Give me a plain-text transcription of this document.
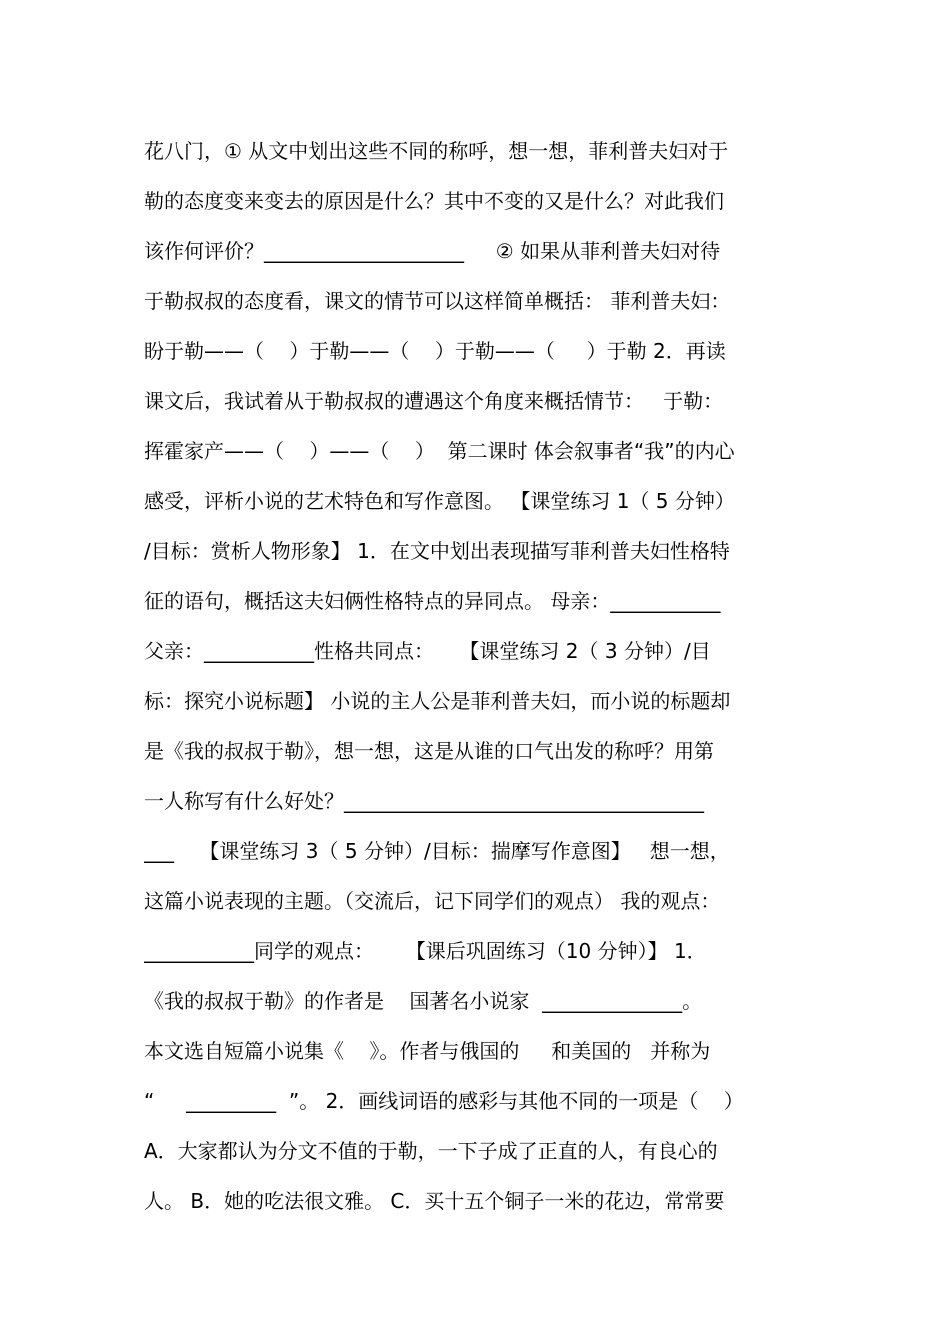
花八门，① 从文中划出这些不同的称呼，想一想，菲利普夫妇对于
勒的态度变来变去的原因是什么？其中不变的又是什么？对此我们
该作何评价？____________________     ② 如果从菲利普夫妇对待
于勒叔叔的态度看，课文的情节可以这样简单概括： 菲利普夫妇：
盼于勒——（    ）于勒——（    ）于勒——（     ）于勒 2．再读
课文后，我试着从于勒叔叔的遭遇这个角度来概括情节：   于勒：
挥霍家产——（    ）——（    ）  第二课时 体会叙事者“我”的内心
感受，评析小说的艺术特色和写作意图。 【课堂练习 1（ 5 分钟）
/目标：赏析人物形象】 1．在文中划出表现描写菲利普夫妇性格特
征的语句，概括这夫妇俩性格特点的异同点。 母亲：___________
父亲：___________性格共同点：    【课堂练习 2（ 3 分钟）/目
标：探究小说标题】 小说的主人公是菲利普夫妇，而小说的标题却
是《我的叔叔于勒》，想一想，这是从谁的口气出发的称呼？用第
一人称写有什么好处？____________________________________
___    【课堂练习 3（ 5 分钟）/目标：揣摩写作意图】   想一想，
这篇小说表现的主题。（交流后，记下同学们的观点） 我的观点：
___________同学的观点：     【课后巩固练习（10 分钟）】 1．
《我的叔叔于勒》的作者是    国著名小说家  ______________。
本文选自短篇小说集《    》。作者与俄国的     和美国的   并称为
“     _________  ”。 2．画线词语的感彩与其他不同的一项是（    ）
A．大家都认为分文不值的于勒，一下子成了正直的人，有良心的
人。 B．她的吃法很文雅。 C．买十五个铜子一米的花边，常常要
